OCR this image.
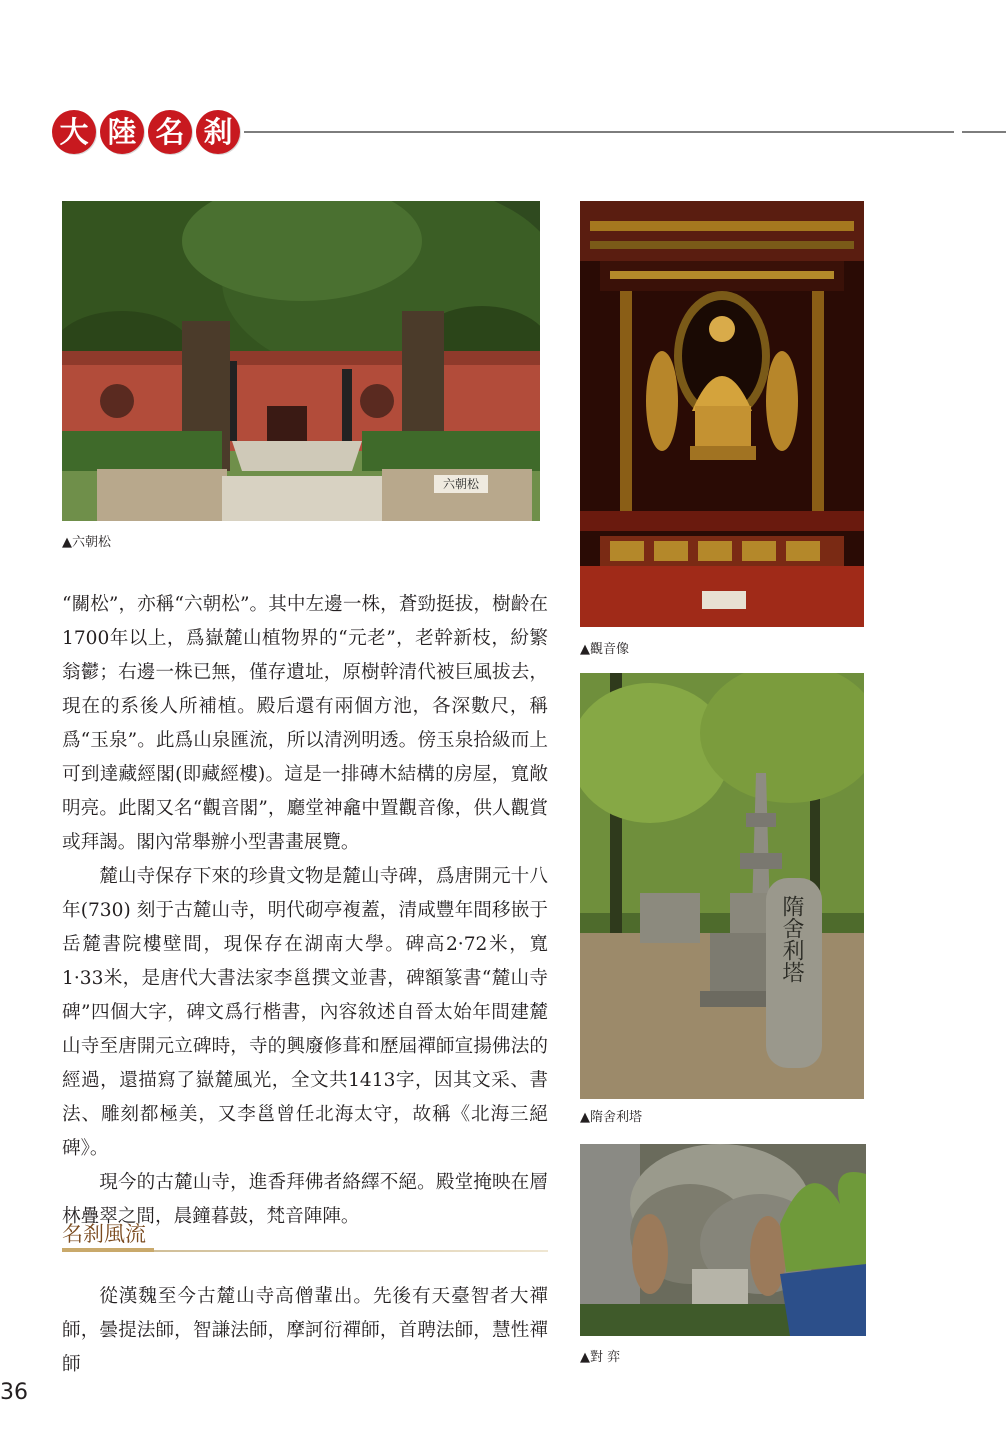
大 陸 名 刹
六朝松
▲六朝松
▲觀音像
隋舍利塔
▲隋舍利塔
▲對 弈

“關松”，亦稱“六朝松”。其中左邊一株，蒼勁挺拔，樹齡在1700年以上，爲嶽麓山植物界的“元老”，老幹新枝，紛繁翁鬱；右邊一株已無，僅存遺址，原樹幹清代被巨風拔去，現在的系後人所補植。殿后還有兩個方池，各深數尺，稱爲“玉泉”。此爲山泉匯流，所以清洌明透。傍玉泉拾級而上可到達藏經閣(即藏經樓)。這是一排磚木結構的房屋，寬敞明亮。此閣又名“觀音閣”，廳堂神龕中置觀音像，供人觀賞或拜謁。閣內常舉辦小型書畫展覽。

麓山寺保存下來的珍貴文物是麓山寺碑，爲唐開元十八年(730) 刻于古麓山寺，明代砌亭複蓋，清咸豐年間移嵌于岳麓書院樓壁間，現保存在湖南大學。碑高2·72米，寬1·33米，是唐代大書法家李邕撰文並書，碑額篆書“麓山寺碑”四個大字，碑文爲行楷書，內容敘述自晉太始年間建麓山寺至唐開元立碑時，寺的興廢修葺和歷屆禪師宣揚佛法的經過，還描寫了嶽麓風光，全文共1413字，因其文采、書法、雕刻都極美，又李邕曾任北海太守，故稱《北海三絕碑》。

現今的古麓山寺，進香拜佛者絡繹不絕。殿堂掩映在層林疊翠之間，晨鐘暮鼓，梵音陣陣。

名刹風流

從漢魏至今古麓山寺高僧輩出。先後有天臺智者大禪師，曇提法師，智謙法師，摩訶衍禪師，首聘法師，慧性禪師

36
